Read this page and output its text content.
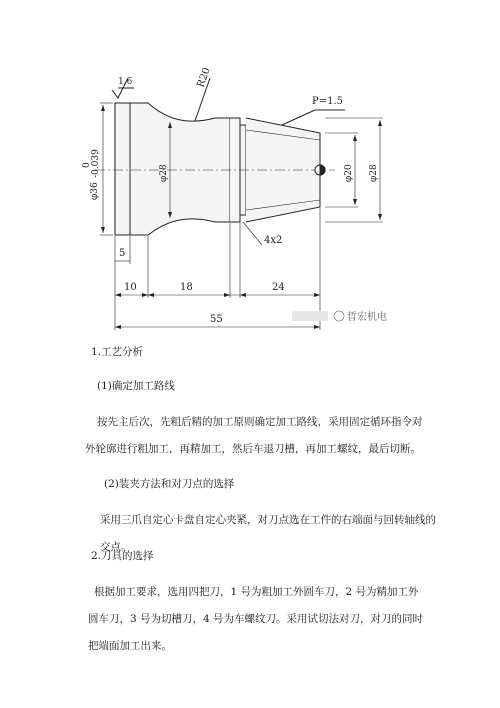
1.6	R20
P=1.5
φ36
0 -0.039	φ28	φ20 φ28
4x2
5
10	18	24
55	晢宏机电
1.工艺分析
(1)确定加工路线
按先主后次，先粗后精的加工原则确定加工路线，采用固定循环指令对外轮廓进行粗加工，再精加工，然后车退刀槽，再加工螺纹，最后切断。
(2)装夹方法和对刀点的选择
采用三爪自定心卡盘自定心夹紧，对刀点选在工件的右端面与回转轴线的交点。
2.刀具的选择
根据加工要求，选用四把刀，1 号为粗加工外圆车刀，2 号为精加工外圆车刀，3 号为切槽刀，4 号为车螺纹刀。采用试切法对刀，对刀的同时把端面加工出来。
